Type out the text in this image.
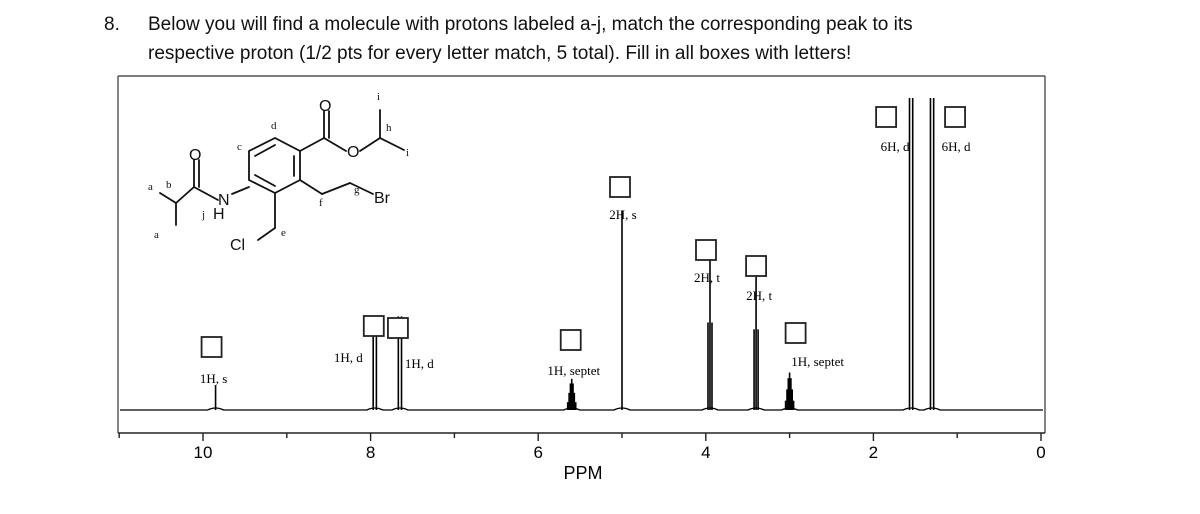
8. Below you will find a molecule with protons labeled a-j, match the corresponding peak to its
respective proton (1/2 pts for every letter match, 5 total). Fill in all boxes with letters!
10	8	6	4	2	0
PPM
1H, s
1H, d	1H, d	1H, septet
2H, s
2H, t
2H, t
1H, septet
6H, d 6H, d
O
N
H
O
O
Br
Cl
a
a
b
c
d
e
f
g
h
i
i
j
